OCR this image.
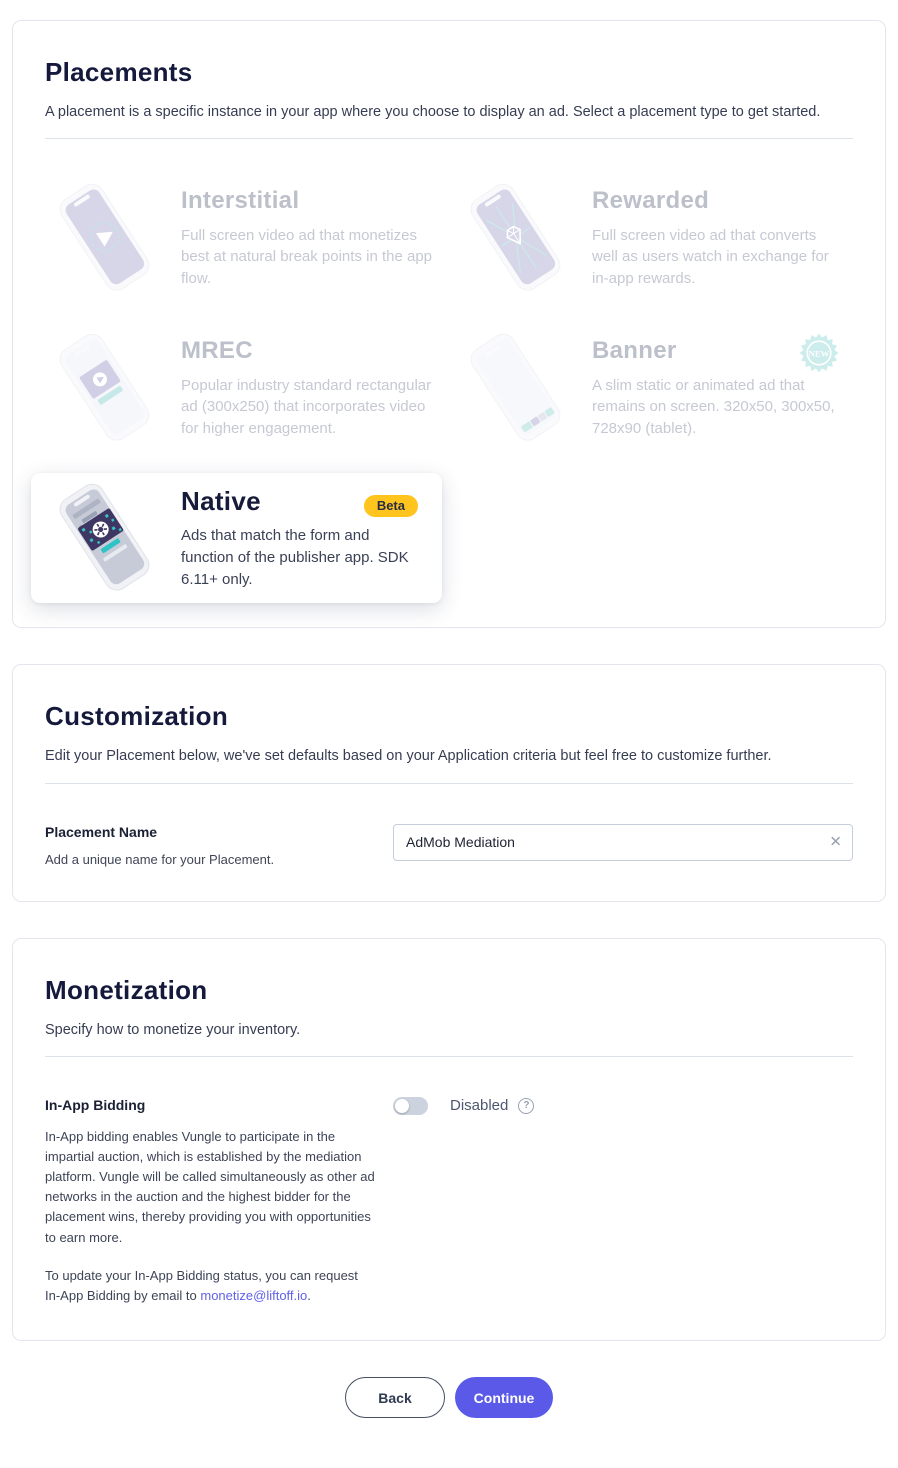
Placements

A placement is a specific instance in your app where you choose to display an ad. Select a placement type to get started.

Interstitial

Full screen video ad that monetizes best at natural break points in the app flow.

Rewarded

Full screen video ad that converts well as users watch in exchange for in-app rewards.

MREC

Popular industry standard rectangular ad (300x250) that incorporates video for higher engagement.

Banner

A slim static or animated ad that remains on screen. 320x50, 300x50, 728x90 (tablet).

NEW
Native	Beta

Ads that match the form and function of the publisher app. SDK 6.11+ only.

Customization

Edit your Placement below, we've set defaults based on your Application criteria but feel free to customize further.

Placement Name
Add a unique name for your Placement.
AdMob Mediation
✕
Monetization

Specify how to monetize your inventory.

In-App Bidding

In-App bidding enables Vungle to participate in the impartial auction, which is established by the mediation platform. Vungle will be called simultaneously as other ad networks in the auction and the highest bidder for the placement wins, thereby providing you with opportunities to earn more.

To update your In-App Bidding status, you can request In-App Bidding by email to monetize@liftoff.io.

Disabled	?
Back	Continue
